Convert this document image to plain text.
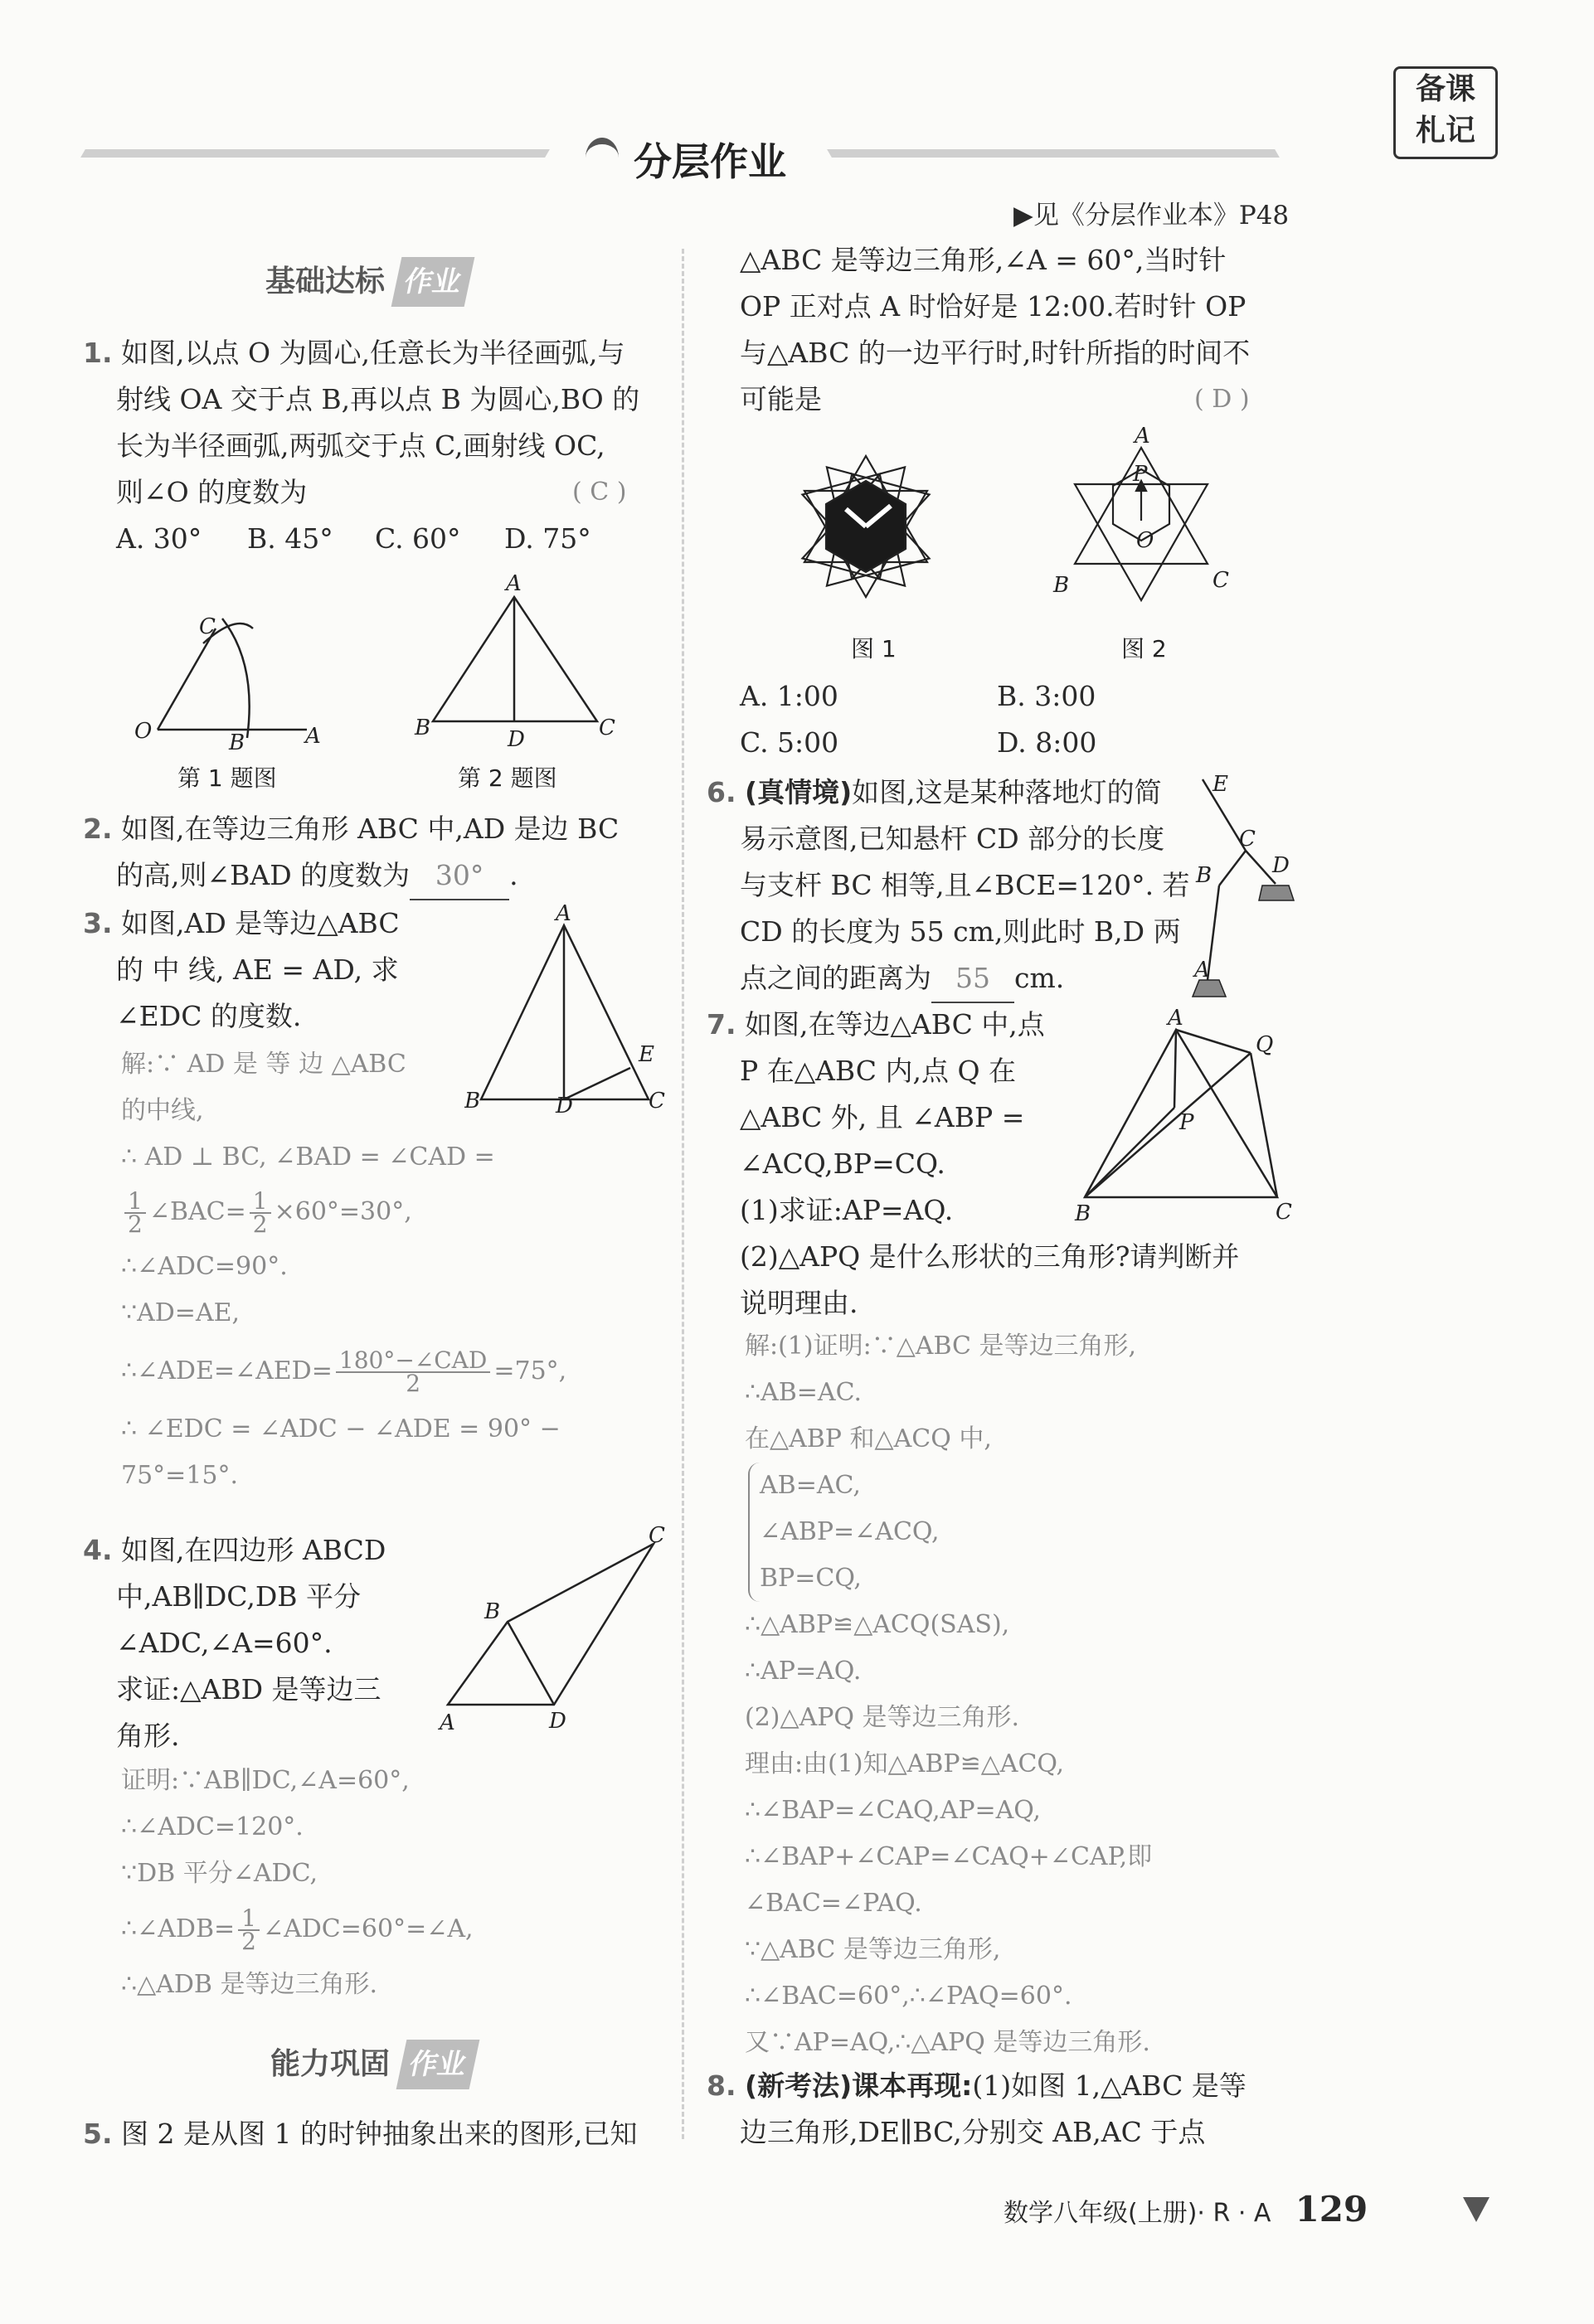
备课
札记
分层作业
▶见《分层作业本》P48
基础达标 作业
1. 如图,以点 O 为圆心,任意长为半径画弧,与
射线 OA 交于点 B,再以点 B 为圆心,BO 的
长为半径画弧,两弧交于点 C,画射线 OC,
则∠O 的度数为	( C )
A. 30° B. 45° C. 60° D. 75°
C
O	B	A
第 1 题图
A
B	D	C
第 2 题图
2. 如图,在等边三角形 ABC 中,AD 是边 BC
的高,则∠BAD 的度数为 30° .
3. 如图,AD 是等边△ABC
的 中 线, AE = AD, 求
∠EDC 的度数.
A
E
B	D	C
解:∵ AD 是 等 边 △ABC
的中线,
∴ AD ⊥ BC, ∠BAD = ∠CAD =
$\frac{1}{2}$ ∠BAC= $\frac{1}{2} \times 60^\circ=30^\circ$,
∴∠ADC=90°.
∵AD=AE,
∴∠ADE=∠AED= $\frac{\text{180°−∠CAD}}{2} =75^\circ$,
∴ ∠EDC = ∠ADC − ∠ADE = 90° −
75°=15°.
4. 如图,在四边形 ABCD
中,AB∥DC,DB 平分
∠ADC,∠A=60°.
求证:△ABD 是等边三
角形.
C
B
A	D
证明:∵AB∥DC,∠A=60°,
∴∠ADC=120°.
∵DB 平分∠ADC,
∴∠ADB= $\frac{1}{2}$ ∠ADC=60°=∠A,
∴△ADB 是等边三角形.
能力巩固 作业
5. 图 2 是从图 1 的时钟抽象出来的图形,已知
△ABC 是等边三角形,∠A = 60°,当时针
OP 正对点 A 时恰好是 12:00.若时针 OP
与△ABC 的一边平行时,时针所指的时间不
可能是	( D )
图 1
A
P
O
B	C
图 2
A. 1:00	B. 3:00
C. 5:00	D. 8:00
6. (真情境)如图,这是某种落地灯的简
易示意图,已知悬杆 CD 部分的长度
与支杆 BC 相等,且∠BCE=120°. 若
CD 的长度为 55 cm,则此时 B,D 两
点之间的距离为 55 cm.
E
C
D
B
A
7. 如图,在等边△ABC 中,点
P 在△ABC 内,点 Q 在
△ABC 外, 且 ∠ABP =
∠ACQ,BP=CQ.
(1)求证:AP=AQ.
(2)△APQ 是什么形状的三角形?请判断并
说明理由.
A
Q
P
B	C
解:(1)证明:∵△ABC 是等边三角形,
∴AB=AC.
在△ABP 和△ACQ 中,
AB=AC,
∠ABP=∠ACQ,
BP=CQ,
∴△ABP≌△ACQ(SAS),
∴AP=AQ.
(2)△APQ 是等边三角形.
理由:由(1)知△ABP≌△ACQ,
∴∠BAP=∠CAQ,AP=AQ,
∴∠BAP+∠CAP=∠CAQ+∠CAP,即
∠BAC=∠PAQ.
∵△ABC 是等边三角形,
∴∠BAC=60°,∴∠PAQ=60°.
又∵AP=AQ,∴△APQ 是等边三角形.
8. (新考法)课本再现:(1)如图 1,△ABC 是等
边三角形,DE∥BC,分别交 AB,AC 于点
数学八年级(上册)· R · A 129
